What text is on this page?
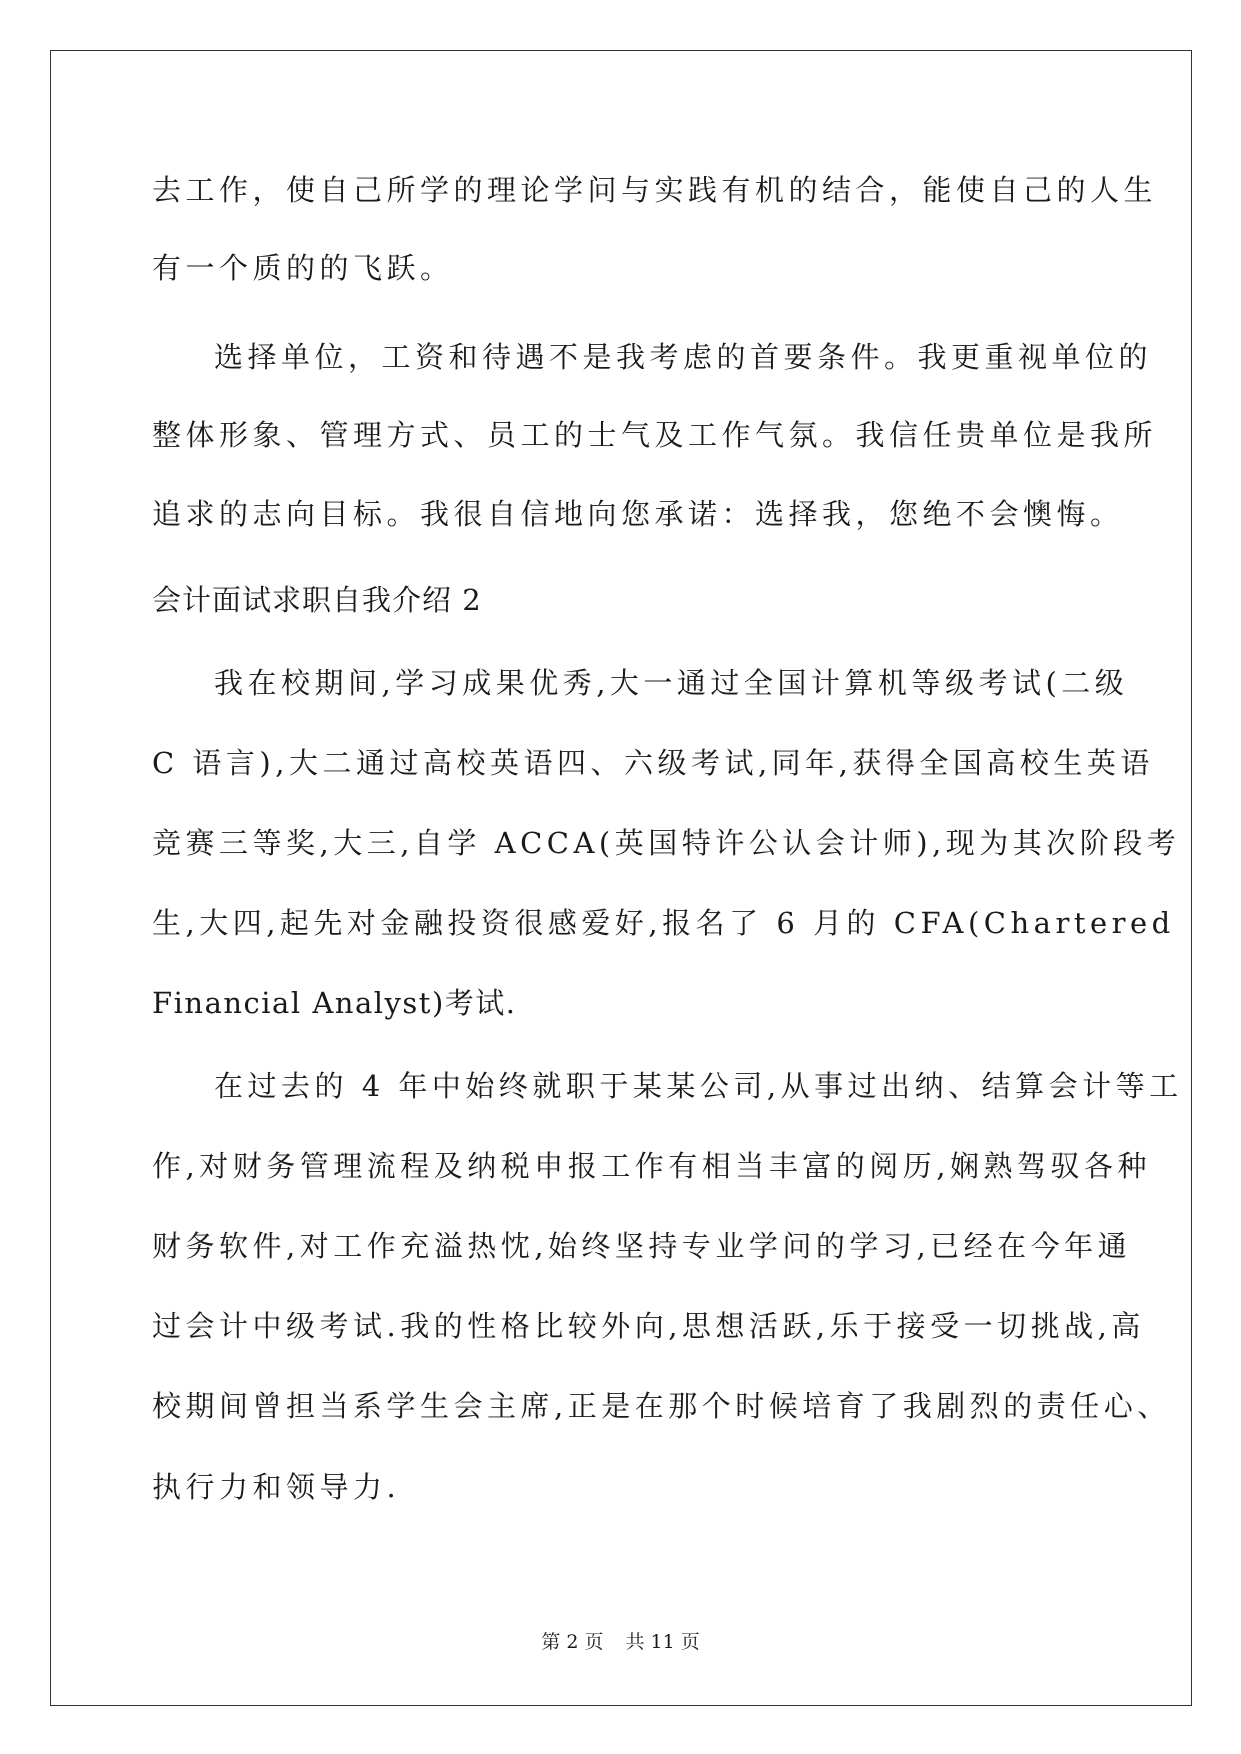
去工作，使自己所学的理论学问与实践有机的结合，能使自己的人生
有一个质的的飞跃。
选择单位，工资和待遇不是我考虑的首要条件。我更重视单位的
整体形象、管理方式、员工的士气及工作气氛。我信任贵单位是我所
追求的志向目标。我很自信地向您承诺：选择我，您绝不会懊悔。
会计面试求职自我介绍 2
我在校期间,学习成果优秀,大一通过全国计算机等级考试(二级
C 语言),大二通过高校英语四、六级考试,同年,获得全国高校生英语
竞赛三等奖,大三,自学 ACCA(英国特许公认会计师),现为其次阶段考
生,大四,起先对金融投资很感爱好,报名了 6 月的 CFA(Chartered
Financial Analyst)考试.
在过去的 4 年中始终就职于某某公司,从事过出纳、结算会计等工
作,对财务管理流程及纳税申报工作有相当丰富的阅历,娴熟驾驭各种
财务软件,对工作充溢热忱,始终坚持专业学问的学习,已经在今年通
过会计中级考试.我的性格比较外向,思想活跃,乐于接受一切挑战,高
校期间曾担当系学生会主席,正是在那个时候培育了我剧烈的责任心、
执行力和领导力.
第 2 页 共 11 页
